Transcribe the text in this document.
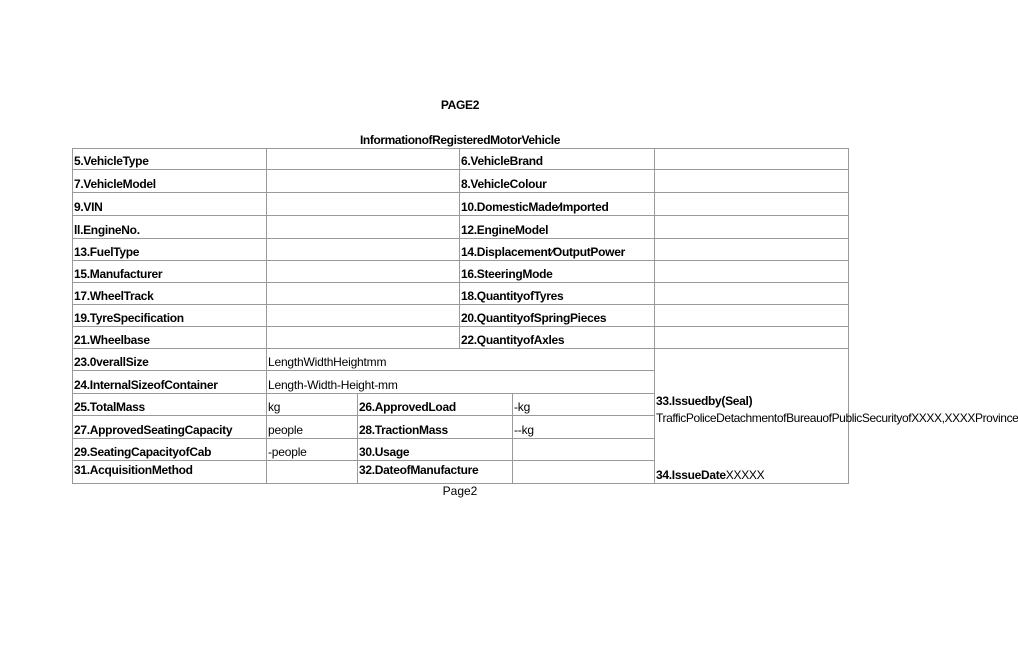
PAGE2
InformationofRegisteredMotorVehicle
5.VehicleType	6.VehicleBrand
7.VehicleModel	8.VehicleColour
9.VIN	10.DomesticMade∕Imported
ll.EngineNo.	12.EngineModel
13.FuelType	14.Displacement∕OutputPower
15.Manufacturer	16.SteeringMode
17.WheelTrack	18.QuantityofTyres
19.TyreSpecification	20.QuantityofSpringPieces
21.Wheelbase	22.QuantityofAxles
23.0verallSize	LengthWidthHeightmm
24.InternalSizeofContainer	Length-Width-Height-mm
25.TotalMass	kg	26.ApprovedLoad	-kg
27.ApprovedSeatingCapacity	people	28.TractionMass	--kg
29.SeatingCapacityofCab	-people	30.Usage
31.AcquisitionMethod	32.DateofManufacture
33.Issuedby(Seal)
TrafficPoliceDetachmentofBureauofPublicSecurityofXXXX,XXXXProvince
34.IssueDateXXXXX
Page2
